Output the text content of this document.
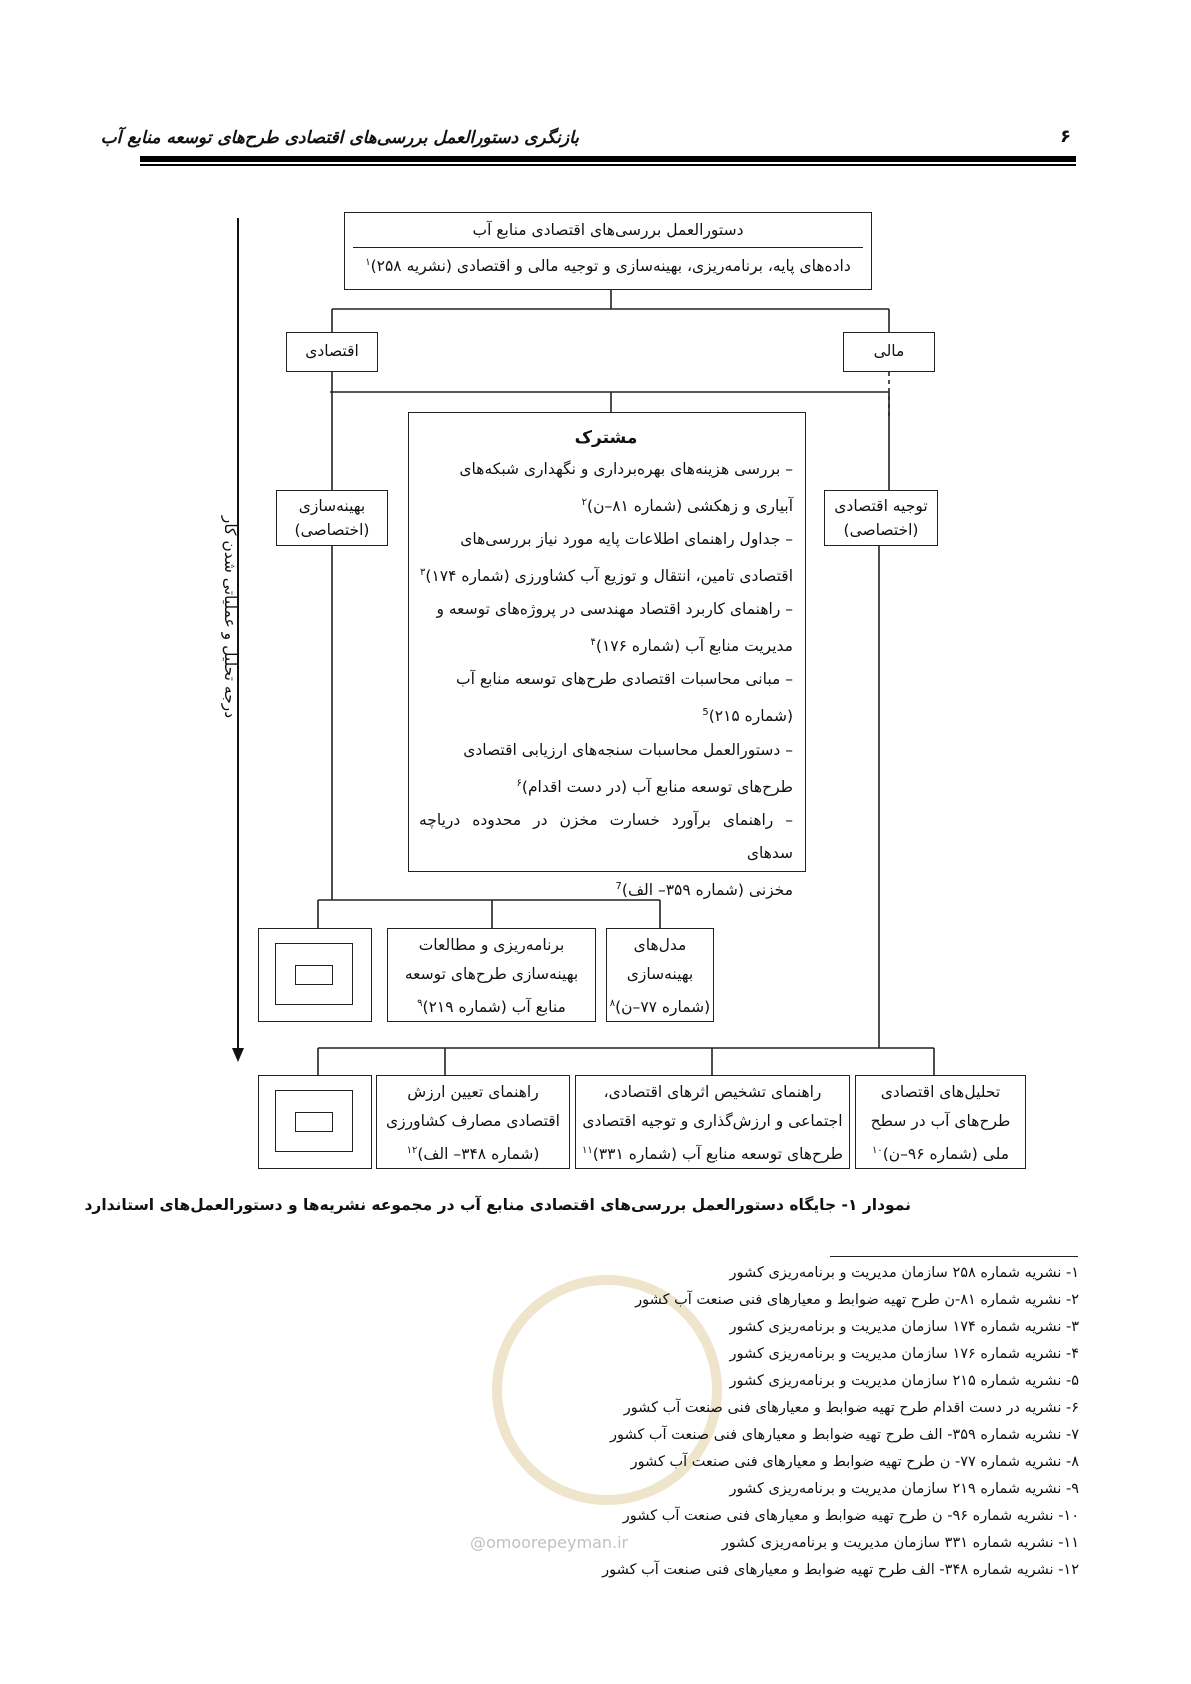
بازنگری دستورالعمل بررسی‌های اقتصادی طرح‌های توسعه منابع آب	۶
دستورالعمل بررسی‌های اقتصادی منابع آب
داده‌های پایه، برنامه‌ریزی، بهینه‌سازی و توجیه مالی و اقتصادی (نشریه ۲۵۸)$^۱$
اقتصادی	مالی
بهینه‌سازی
(اختصاصی)
توجیه اقتصادی
(اختصاصی)
مشترک
– بررسی هزینه‌های بهره‌برداری و نگهداری شبکه‌های
آبیاری و زهکشی (شماره ۸۱–ن)$^۲$
– جداول راهنمای اطلاعات پایه مورد نیاز بررسی‌های
اقتصادی تامین، انتقال و توزیع آب کشاورزی (شماره ۱۷۴)$^۳$
– راهنمای کاربرد اقتصاد مهندسی در پروژه‌های توسعه و
مدیریت منابع آب (شماره ۱۷۶)$^۴$
– مبانی محاسبات اقتصادی طرح‌های توسعه منابع آب
(شماره ۲۱۵)$^5$
– دستورالعمل محاسبات سنجه‌های ارزیابی اقتصادی
طرح‌های توسعه منابع آب (در دست اقدام)$^۶$
– راهنمای برآورد خسارت مخزن در محدوده دریاچه سدهای
مخزنی (شماره ۳۵۹– الف)$^7$
برنامه‌ریزی و مطالعات
بهینه‌سازی طرح‌های توسعه
منابع آب (شماره ۲۱۹)$^۹$
مدل‌های
بهینه‌سازی
(شماره ۷۷–ن)$^۸$
راهنمای تعیین ارزش
اقتصادی مصارف کشاورزی
(شماره ۳۴۸– الف)$^{۱۲}$
راهنمای تشخیص اثرهای اقتصادی،
اجتماعی و ارزش‌گذاری و توجیه اقتصادی
طرح‌های توسعه منابع آب (شماره ۳۳۱)$^{۱۱}$
تحلیل‌های اقتصادی
طرح‌های آب در سطح
ملی (شماره ۹۶–ن)$^{۱۰}$
درجه تحلیل و عملیاتی شدن کار
نمودار ۱- جایگاه دستورالعمل بررسی‌های اقتصادی منابع آب در مجموعه نشریه‌ها و دستورالعمل‌های استاندارد
@omoorepeyman.ir
۱- نشریه شماره ۲۵۸ سازمان مدیریت و برنامه‌ریزی کشور
۲- نشریه شماره ۸۱-ن طرح تهیه ضوابط و معیارهای فنی صنعت آب کشور
۳- نشریه شماره ۱۷۴ سازمان مدیریت و برنامه‌ریزی کشور
۴- نشریه شماره ۱۷۶ سازمان مدیریت و برنامه‌ریزی کشور
۵- نشریه شماره ۲۱۵ سازمان مدیریت و برنامه‌ریزی کشور
۶- نشریه در دست اقدام طرح تهیه ضوابط و معیارهای فنی صنعت آب کشور
۷- نشریه شماره ۳۵۹- الف طرح تهیه ضوابط و معیارهای فنی صنعت آب کشور
۸- نشریه شماره ۷۷- ن طرح تهیه ضوابط و معیارهای فنی صنعت آب کشور
۹- نشریه شماره ۲۱۹ سازمان مدیریت و برنامه‌ریزی کشور
۱۰- نشریه شماره ۹۶- ن طرح تهیه ضوابط و معیارهای فنی صنعت آب کشور
۱۱- نشریه شماره ۳۳۱ سازمان مدیریت و برنامه‌ریزی کشور
۱۲- نشریه شماره ۳۴۸- الف طرح تهیه ضوابط و معیارهای فنی صنعت آب کشور
